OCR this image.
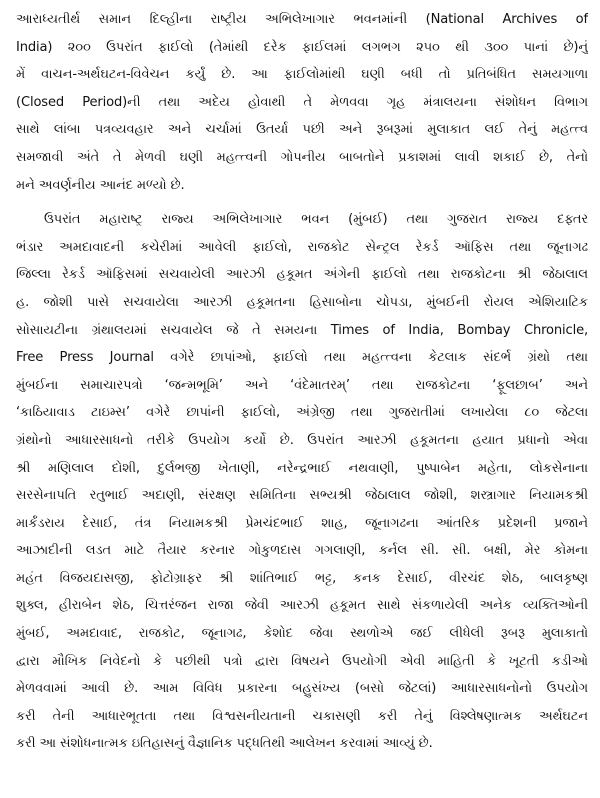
આરાધ્યતીર્થ સમાન દિલ્હીના રાષ્ટ્રીય અભિલેખાગાર ભવનમાંની (National Archives of
India) ૨૦૦ ઉપરાંત ફાઈલો (તેમાંથી દરેક ફાઈલમાં લગભગ ૨૫૦ થી ૩૦૦ પાનાં છે)નું
મેં વાચન-અર્થઘટન-વિવેચન કર્યું છે. આ ફાઈલોમાંથી ઘણી બધી તો પ્રતિબંધિત સમયગાળા
(Closed Period)ની તથા અદેય હોવાથી તે મેળવવા ગૃહ મંત્રાલયના સંશોધન વિભાગ
સાથે લાંબા પત્રવ્યવહાર અને ચર્ચામાં ઉતર્યા પછી અને રૂબરૂમાં મુલાકાત લઈ તેનું મહત્ત્વ
સમજાવી અંતે તે મેળવી ઘણી મહત્ત્વની ગોપનીય બાબતોને પ્રકાશમાં લાવી શકાઈ છે, તેનો
મને અવર્ણનીય આનંદ મળ્યો છે.
ઉપરાંત મહારાષ્ટ્ર રાજ્ય અભિલેખાગાર ભવન (મુંબઈ) તથા ગુજરાત રાજ્ય દફ્તર
ભંડાર અમદાવાદની કચેરીમાં આવેલી ફાઈલો, રાજકોટ સેન્ટ્રલ રેકર્ડ ઑફિસ તથા જૂનાગઢ
જિલ્લા રેકર્ડ ઑફિસમાં સચવાયેલી આરઝી હકૂમત અંગેની ફાઈલો તથા રાજકોટના શ્રી જેઠાલાલ
હ. જોશી પાસે સચવાયેલા આરઝી હકૂમતના હિસાબોના ચોપડા, મુંબઈની રોયલ એશિયાટિક
સોસાયટીના ગ્રંથાલયમાં સચવાયેલ જે તે સમયના Times of India, Bombay Chronicle,
Free Press Journal વગેરે છાપાંઓ, ફાઈલો તથા મહત્ત્વના કેટલાક સંદર્ભ ગ્રંથો તથા
મુંબઈના સમાચારપત્રો ‘જન્મભૂમિ’ અને ‘વંદેમાતરમ્’ તથા રાજકોટના ‘ફૂલછાબ’ અને
‘કાઠિયાવાડ ટાઇમ્સ’ વગેરે છાપાંની ફાઈલો, અંગ્રેજી તથા ગુજરાતીમાં લખાયેલા ૮૦ જેટલા
ગ્રંથોનો આધારસાધનો તરીકે ઉપયોગ કર્યો છે. ઉપરાંત આરઝી હકૂમતના હયાત પ્રધાનો એવા
શ્રી મણિલાલ દોશી, દુર્લભજી ખેતાણી, નરેન્દ્રભાઈ નથવાણી, પુષ્પાબેન મહેતા, લોકસેનાના
સરસેનાપતિ રતુભાઈ અદાણી, સંરક્ષણ સમિતિના સભ્યશ્રી જેઠાલાલ જોશી, શસ્ત્રાગાર નિયામકશ્રી
માર્કંડરાય દેસાઈ, તંત્ર નિયામકશ્રી પ્રેમચંદભાઈ શાહ, જૂનાગઢના આંતરિક પ્રદેશની પ્રજાને
આઝાદીની લડત માટે તૈયાર કરનાર ગોકુળદાસ ગગલાણી, કર્નલ સી. સી. બક્ષી, મેર કોમના
મહંત વિજયદાસજી, ફોટોગ્રાફર શ્રી શાંતિભાઈ ભટ્ટ, કનક દેસાઈ, વીરચંદ શેઠ, બાલકૃષ્ણ
શુક્લ, હીરાબેન શેઠ, ચિત્તરંજન રાજા જેવી આરઝી હકૂમત સાથે સંકળાયેલી અનેક વ્યક્તિઓની
મુંબઈ, અમદાવાદ, રાજકોટ, જૂનાગઢ, કેશોદ જેવા સ્થળોએ જઈ લીધેલી રૂબરૂ મુલાકાતો
દ્વારા મૌખિક નિવેદનો કે પછીથી પત્રો દ્વારા વિષયને ઉપયોગી એવી માહિતી કે ખૂટતી કડીઓ
મેળવવામાં આવી છે. આમ વિવિધ પ્રકારના બહુસંખ્ય (બસો જેટલાં) આધારસાધનોનો ઉપયોગ
કરી તેની આધારભૂતતા તથા વિશ્વસનીયતાની ચકાસણી કરી તેનું વિશ્લેષણાત્મક અર્થઘટન
કરી આ સંશોધનાત્મક ઇતિહાસનું વૈજ્ઞાનિક પદ્ધતિથી આલેખન કરવામાં આવ્યું છે.
